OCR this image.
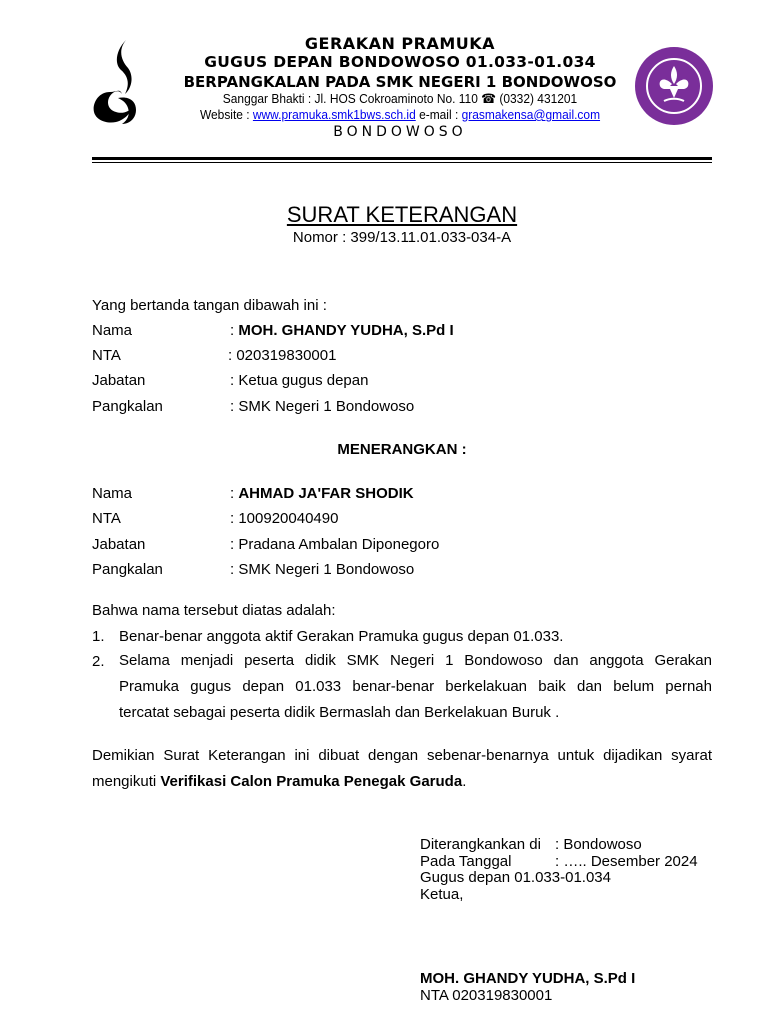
GERAKAN PRAMUKA
GUGUS DEPAN BONDOWOSO 01.033-01.034
BERPANGKALAN PADA SMK NEGERI 1 BONDOWOSO
Sanggar Bhakti : Jl. HOS Cokroaminoto No. 110 ☎ (0332) 431201
Website : www.pramuka.smk1bws.sch.id e-mail : grasmakensa@gmail.com
BONDOWOSO
SURAT KETERANGAN
Nomor : 399/13.11.01.033-034-A
Yang bertanda tangan dibawah ini :
Nama	: MOH. GHANDY YUDHA, S.Pd I
NTA	: 020319830001
Jabatan	: Ketua gugus depan
Pangkalan	: SMK Negeri 1 Bondowoso
MENERANGKAN :
Nama	: AHMAD JA'FAR SHODIK
NTA	: 100920040490
Jabatan	: Pradana Ambalan Diponegoro
Pangkalan	: SMK Negeri 1 Bondowoso
Bahwa nama tersebut diatas adalah:
1. Benar-benar anggota aktif Gerakan Pramuka gugus depan 01.033.
2. Selama menjadi peserta didik SMK Negeri 1 Bondowoso dan anggota Gerakan
Pramuka gugus depan 01.033 benar-benar berkelakuan baik dan belum pernah
tercatat sebagai peserta didik Bermaslah dan Berkelakuan Buruk .
Demikian Surat Keterangan ini dibuat dengan sebenar-benarnya untuk dijadikan syarat
mengikuti Verifikasi Calon Pramuka Penegak Garuda.
Diterangkankan di : Bondowoso
Pada Tanggal	: ….. Desember 2024
Gugus depan 01.033-01.034
Ketua,
MOH. GHANDY YUDHA, S.Pd I
NTA 020319830001
